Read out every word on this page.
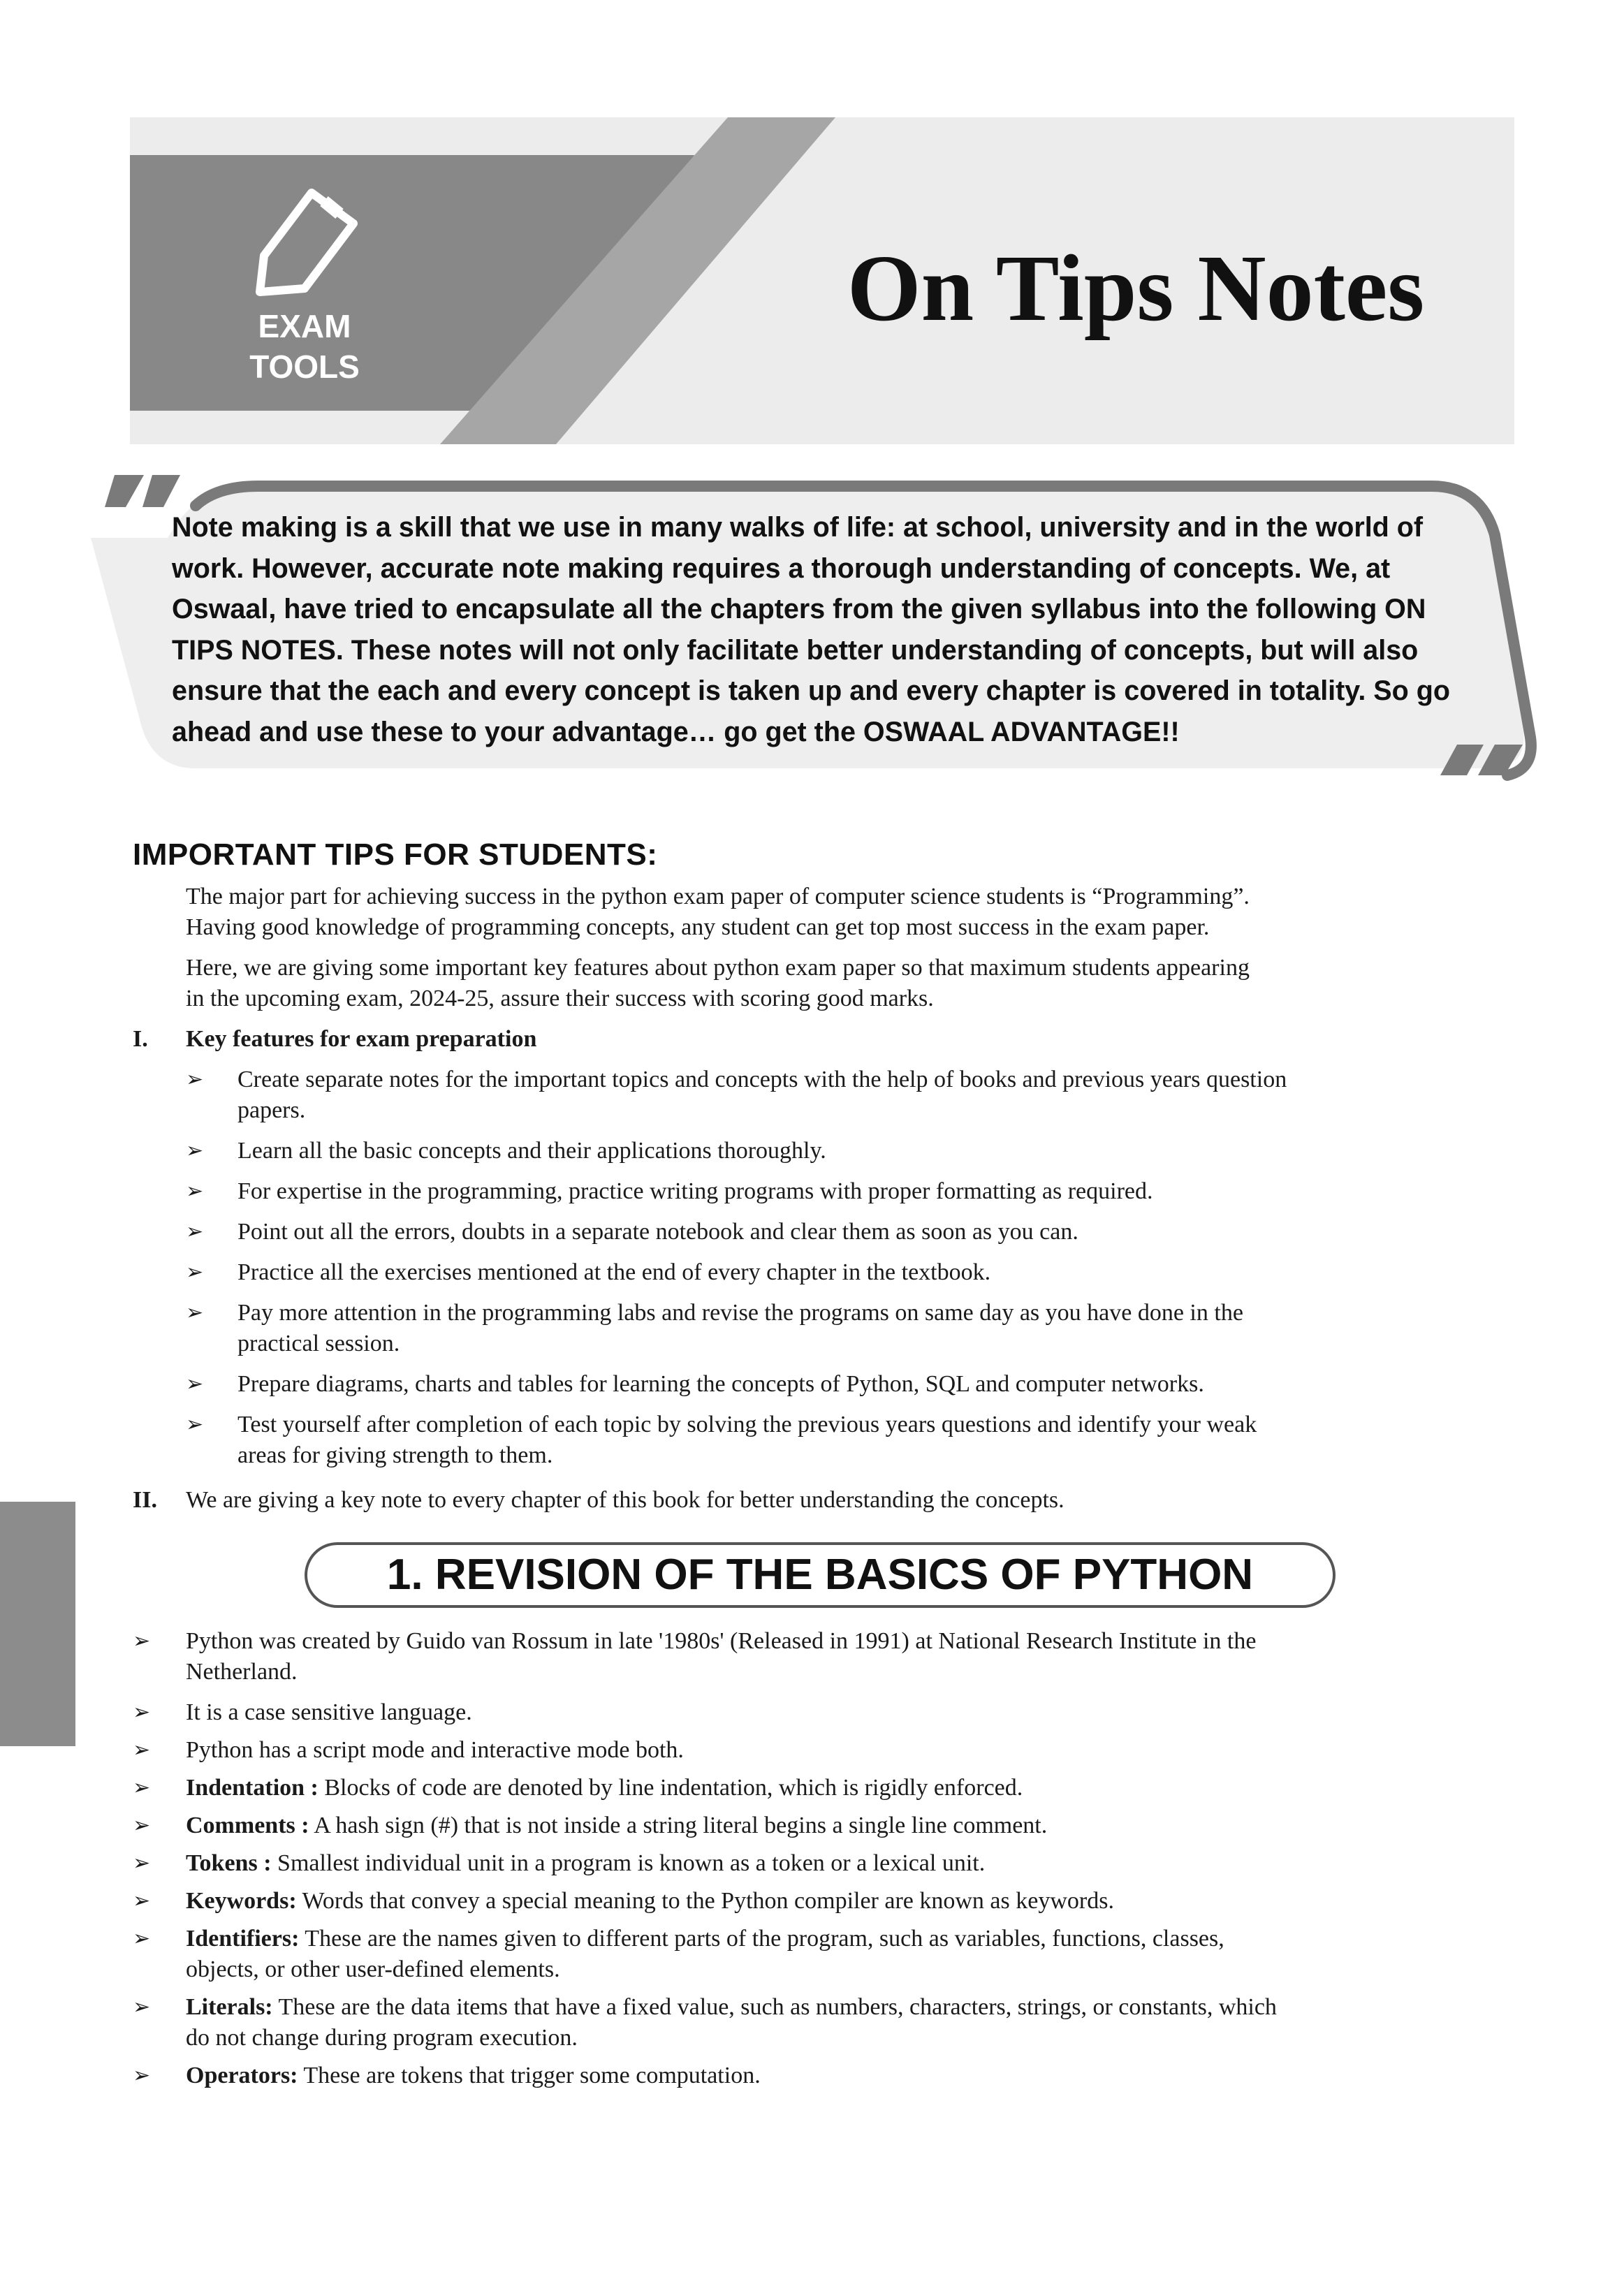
EXAM
TOOLS
On Tips Notes
Note making is a skill that we use in many walks of life: at school, university and in the world of
work. However, accurate note making requires a thorough understanding of concepts. We, at
Oswaal, have tried to encapsulate all the chapters from the given syllabus into the following ON
TIPS NOTES. These notes will not only facilitate better understanding of concepts, but will also
ensure that the each and every concept is taken up and every chapter is covered in totality. So go
ahead and use these to your advantage… go get the OSWAAL ADVANTAGE!!
IMPORTANT TIPS FOR STUDENTS:
The major part for achieving success in the python exam paper of computer science students is “Programming”.
Having good knowledge of programming concepts, any student can get top most success in the exam paper.
Here, we are giving some important key features about python exam paper so that maximum students appearing
in the upcoming exam, 2024-25, assure their success with scoring good marks.
I. Key features for exam preparation
➢	Create separate notes for the important topics and concepts with the help of books and previous years question
papers.
➢	Learn all the basic concepts and their applications thoroughly.
➢	For expertise in the programming, practice writing programs with proper formatting as required.
➢	Point out all the errors, doubts in a separate notebook and clear them as soon as you can.
➢	Practice all the exercises mentioned at the end of every chapter in the textbook.
➢	Pay more attention in the programming labs and revise the programs on same day as you have done in the
practical session.
➢	Prepare diagrams, charts and tables for learning the concepts of Python, SQL and computer networks.
➢	Test yourself after completion of each topic by solving the previous years questions and identify your weak
areas for giving strength to them.
II. We are giving a key note to every chapter of this book for better understanding the concepts.
1. REVISION OF THE BASICS OF PYTHON
➢	Python was created by Guido van Rossum in late '1980s' (Released in 1991) at National Research Institute in the
Netherland.
➢	It is a case sensitive language.
➢	Python has a script mode and interactive mode both.
➢	Indentation : Blocks of code are denoted by line indentation, which is rigidly enforced.
➢	Comments : A hash sign (#) that is not inside a string literal begins a single line comment.
➢	Tokens : Smallest individual unit in a program is known as a token or a lexical unit.
➢	Keywords: Words that convey a special meaning to the Python compiler are known as keywords.
➢	Identifiers: These are the names given to different parts of the program, such as variables, functions, classes,
objects, or other user-defined elements.
➢	Literals: These are the data items that have a fixed value, such as numbers, characters, strings, or constants, which
do not change during program execution.
➢	Operators: These are tokens that trigger some computation.
